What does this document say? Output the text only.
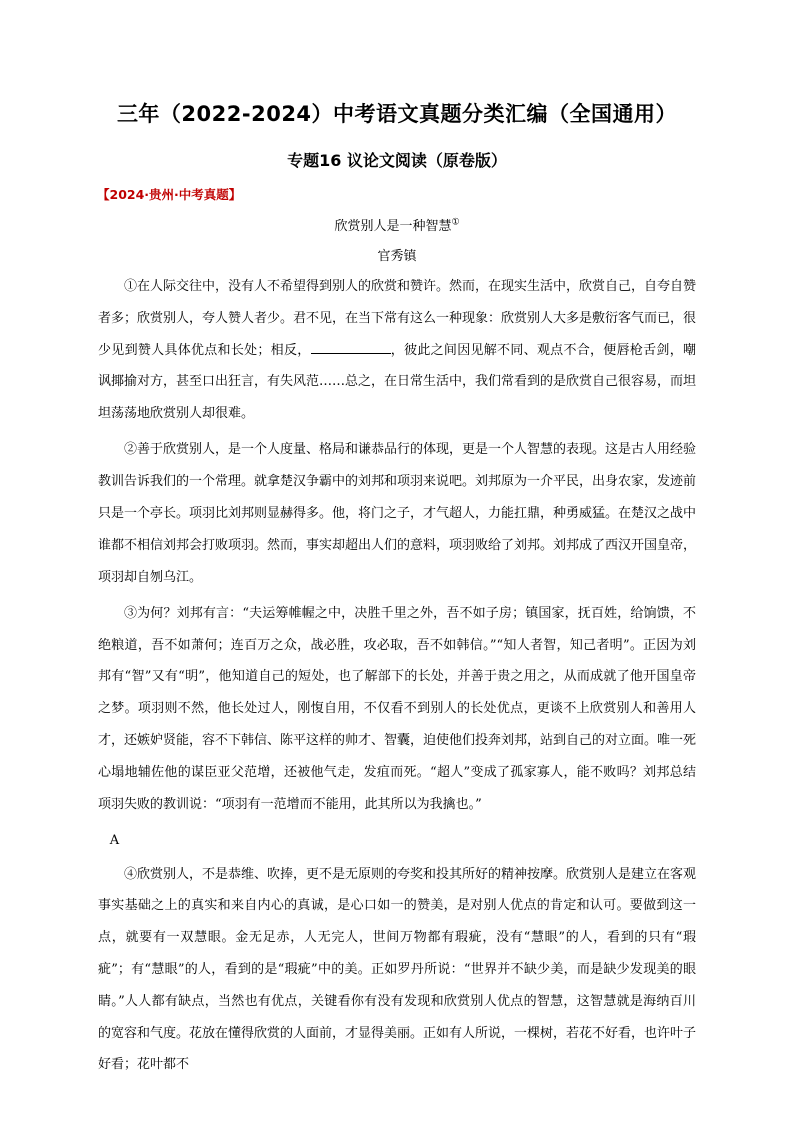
三年（2022-2024）中考语文真题分类汇编（全国通用）
专题16 议论文阅读（原卷版）
【2024·贵州·中考真题】
欣赏别人是一种智慧①
官秀镇

①在人际交往中，没有人不希望得到别人的欣赏和赞许。然而，在现实生活中，欣赏自己，自夸自赞者多；欣赏别人，夸人赞人者少。君不见，在当下常有这么一种现象：欣赏别人大多是敷衍客气而已，很少见到赞人具体优点和长处；相反，	，彼此之间因见解不同、观点不合，便唇枪舌剑，嘲讽揶揄对方，甚至口出狂言，有失风范……总之，在日常生活中，我们常看到的是欣赏自己很容易，而坦坦荡荡地欣赏别人却很难。

②善于欣赏别人，是一个人度量、格局和谦恭品行的体现，更是一个人智慧的表现。这是古人用经验教训告诉我们的一个常理。就拿楚汉争霸中的刘邦和项羽来说吧。刘邦原为一介平民，出身农家，发迹前只是一个亭长。项羽比刘邦则显赫得多。他，将门之子，才气超人，力能扛鼎，种勇威猛。在楚汉之战中谁都不相信刘邦会打败项羽。然而，事实却超出人们的意料，项羽败给了刘邦。刘邦成了西汉开国皇帝，项羽却自刎乌江。

③为何？刘邦有言：“夫运筹帷幄之中，决胜千里之外，吾不如子房；镇国家，抚百姓，给饷馈，不绝粮道，吾不如萧何；连百万之众，战必胜，攻必取，吾不如韩信。”“知人者智，知己者明”。正因为刘邦有“智”又有“明”，他知道自己的短处，也了解部下的长处，并善于贵之用之，从而成就了他开国皇帝之梦。项羽则不然，他长处过人，刚愎自用，不仅看不到别人的长处优点，更谈不上欣赏别人和善用人才，还嫉妒贤能，容不下韩信、陈平这样的帅才、智囊，迫使他们投奔刘邦，站到自己的对立面。唯一死心塌地辅佐他的谋臣亚父范增，还被他气走，发疽而死。“超人”变成了孤家寡人，能不败吗？刘邦总结项羽失败的教训说：“项羽有一范增而不能用，此其所以为我擒也。”

A

④欣赏别人，不是恭维、吹捧，更不是无原则的夸奖和投其所好的精神按摩。欣赏别人是建立在客观事实基础之上的真实和来自内心的真诚，是心口如一的赞美，是对别人优点的肯定和认可。要做到这一点，就要有一双慧眼。金无足赤，人无完人，世间万物都有瑕疵，没有“慧眼”的人，看到的只有“瑕疵”；有“慧眼”的人，看到的是“瑕疵”中的美。正如罗丹所说：“世界并不缺少美，而是缺少发现美的眼睛。”人人都有缺点，当然也有优点，关键看你有没有发现和欣赏别人优点的智慧，这智慧就是海纳百川的宽容和气度。花放在懂得欣赏的人面前，才显得美丽。正如有人所说，一棵树，若花不好看，也许叶子好看；花叶都不
